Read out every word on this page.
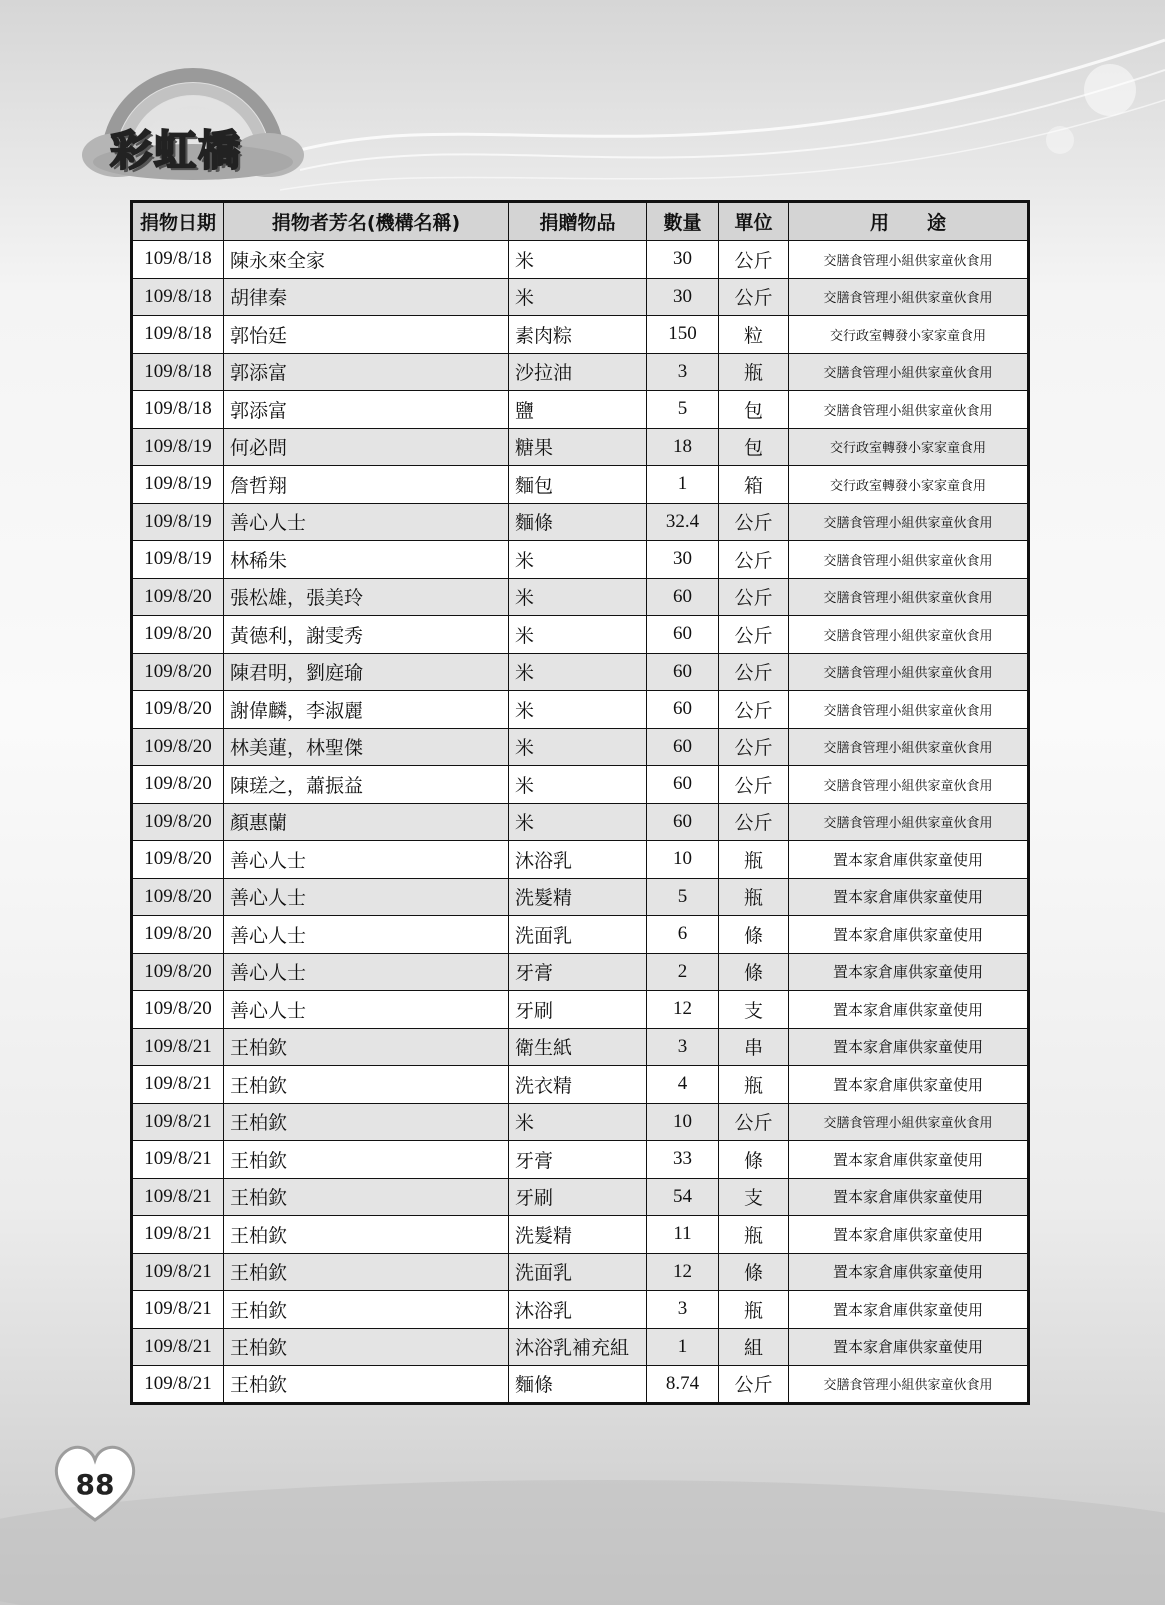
彩虹橋
捐物日期	捐物者芳名(機構名稱)	捐贈物品	數量	單位	用　　途
109/8/18	陳永來全家	米	30	公斤	交膳食管理小組供家童伙食用
109/8/18	胡律秦	米	30	公斤	交膳食管理小組供家童伙食用
109/8/18	郭怡廷	素肉粽	150	粒	交行政室轉發小家家童食用
109/8/18	郭添富	沙拉油	3	瓶	交膳食管理小組供家童伙食用
109/8/18	郭添富	鹽	5	包	交膳食管理小組供家童伙食用
109/8/19	何必問	糖果	18	包	交行政室轉發小家家童食用
109/8/19	詹哲翔	麵包	1	箱	交行政室轉發小家家童食用
109/8/19	善心人士	麵條	32.4	公斤	交膳食管理小組供家童伙食用
109/8/19	林稀朱	米	30	公斤	交膳食管理小組供家童伙食用
109/8/20	張松雄，張美玲	米	60	公斤	交膳食管理小組供家童伙食用
109/8/20	黃德利，謝雯秀	米	60	公斤	交膳食管理小組供家童伙食用
109/8/20	陳君明，劉庭瑜	米	60	公斤	交膳食管理小組供家童伙食用
109/8/20	謝偉麟，李淑麗	米	60	公斤	交膳食管理小組供家童伙食用
109/8/20	林美蓮，林聖傑	米	60	公斤	交膳食管理小組供家童伙食用
109/8/20	陳瑳之，蕭振益	米	60	公斤	交膳食管理小組供家童伙食用
109/8/20	顏惠蘭	米	60	公斤	交膳食管理小組供家童伙食用
109/8/20	善心人士	沐浴乳	10	瓶	置本家倉庫供家童使用
109/8/20	善心人士	洗髮精	5	瓶	置本家倉庫供家童使用
109/8/20	善心人士	洗面乳	6	條	置本家倉庫供家童使用
109/8/20	善心人士	牙膏	2	條	置本家倉庫供家童使用
109/8/20	善心人士	牙刷	12	支	置本家倉庫供家童使用
109/8/21	王柏欽	衛生紙	3	串	置本家倉庫供家童使用
109/8/21	王柏欽	洗衣精	4	瓶	置本家倉庫供家童使用
109/8/21	王柏欽	米	10	公斤	交膳食管理小組供家童伙食用
109/8/21	王柏欽	牙膏	33	條	置本家倉庫供家童使用
109/8/21	王柏欽	牙刷	54	支	置本家倉庫供家童使用
109/8/21	王柏欽	洗髮精	11	瓶	置本家倉庫供家童使用
109/8/21	王柏欽	洗面乳	12	條	置本家倉庫供家童使用
109/8/21	王柏欽	沐浴乳	3	瓶	置本家倉庫供家童使用
109/8/21	王柏欽	沐浴乳補充組	1	組	置本家倉庫供家童使用
109/8/21	王柏欽	麵條	8.74	公斤	交膳食管理小組供家童伙食用
88
